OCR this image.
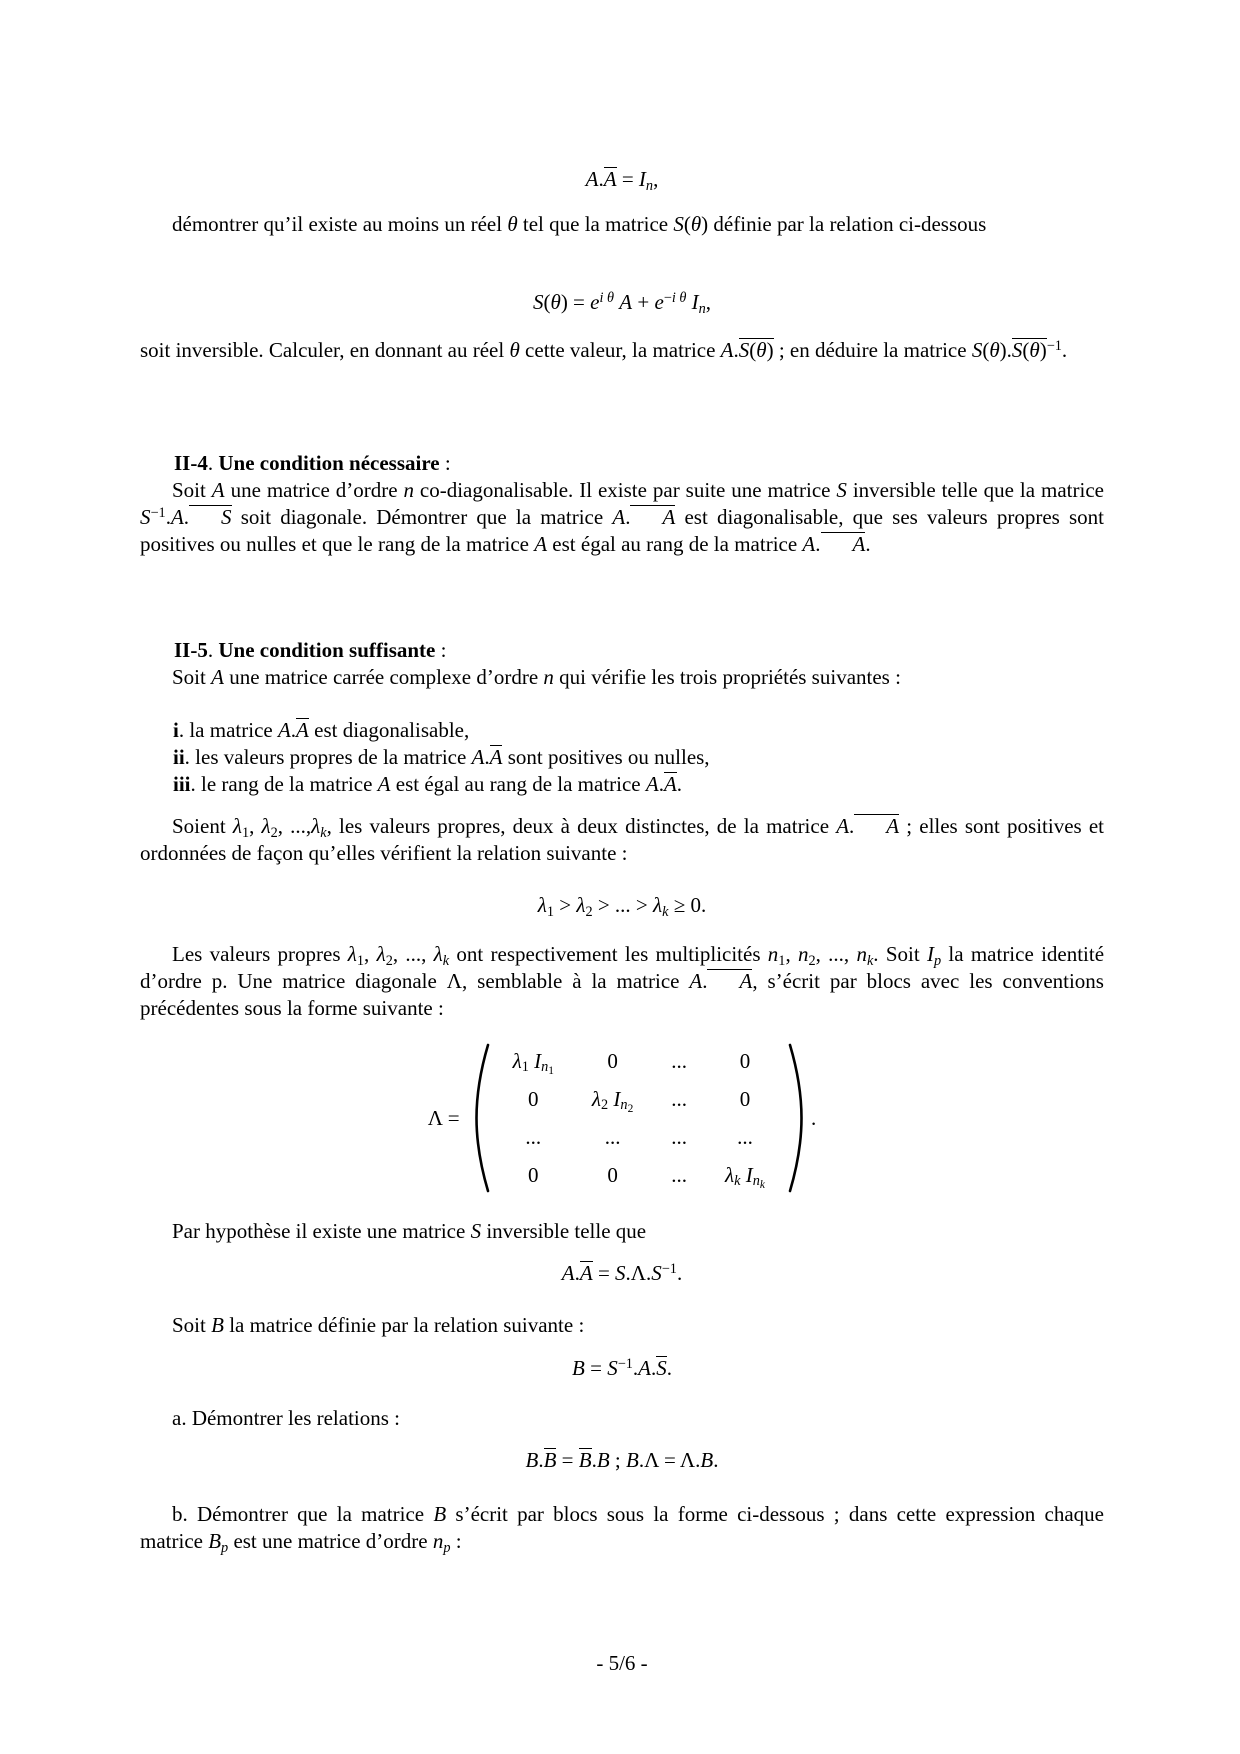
$A.A = I_n$,

démontrer qu’il existe au moins un réel θ tel que la matrice S(θ) définie par la relation ci-dessous

$S(\theta) = e^{i \theta}$ $A + e^{-i \theta}$ $I_n$,

soit inversible. Calculer, en donnant au réel θ cette valeur, la matrice A.S(θ) ; en déduire la matrice $S(\theta).S(\theta)^{-1}$.

II-4. Une condition nécessaire :

Soit A une matrice d’ordre n co-diagonalisable. Il existe par suite une matrice S inversible telle que la matrice $S^{-1}.A$. S soit diagonale. Démontrer que la matrice A. A est diagonalisable, que ses valeurs propres sont positives ou nulles et que le rang de la matrice A est égal au rang de la matrice A. A.

II-5. Une condition suffisante :

Soit A une matrice carrée complexe d’ordre n qui vérifie les trois propriétés suivantes :

i. la matrice A.A est diagonalisable,

ii. les valeurs propres de la matrice A.A sont positives ou nulles,

iii. le rang de la matrice A est égal au rang de la matrice A.A.

Soient $\lambda_1$, $\lambda_2$, $...,\lambda_k$, les valeurs propres, deux à deux distinctes, de la matrice A. A ; elles sont positives et ordonnées de façon qu’elles vérifient la relation suivante :

$\lambda_1 > \lambda_2$ > ... > $\lambda_k \ge 0$.

Les valeurs propres $\lambda_1$, $\lambda_2$, ..., $\lambda_k$ ont respectivement les multiplicités $n_1$, $n_2$, ..., $n_k$. Soit $I_p$ la matrice identité d’ordre p. Une matrice diagonale Λ, semblable à la matrice A. A, s’écrit par blocs avec les conventions précédentes sous la forme suivante :

Λ =
$\lambda_1$ $I_{n_1}$	0	...	0
0	$\lambda_2$ $I_{n_2}$	...	0
...	...	...	...
0	0	...	$\lambda_k$ $I_{n_k}$
.

Par hypothèse il existe une matrice S inversible telle que

$A.A = S.\Lambda.S^{-1}$.

Soit B la matrice définie par la relation suivante :

$B = S^{-1}.A.S$.

a. Démontrer les relations :

B.B = B.B ; B.Λ = Λ.B.

b. Démontrer que la matrice B s’écrit par blocs sous la forme ci-dessous ; dans cette expression chaque matrice $B_p$ est une matrice d’ordre $n_p$ :

- 5/6 -
